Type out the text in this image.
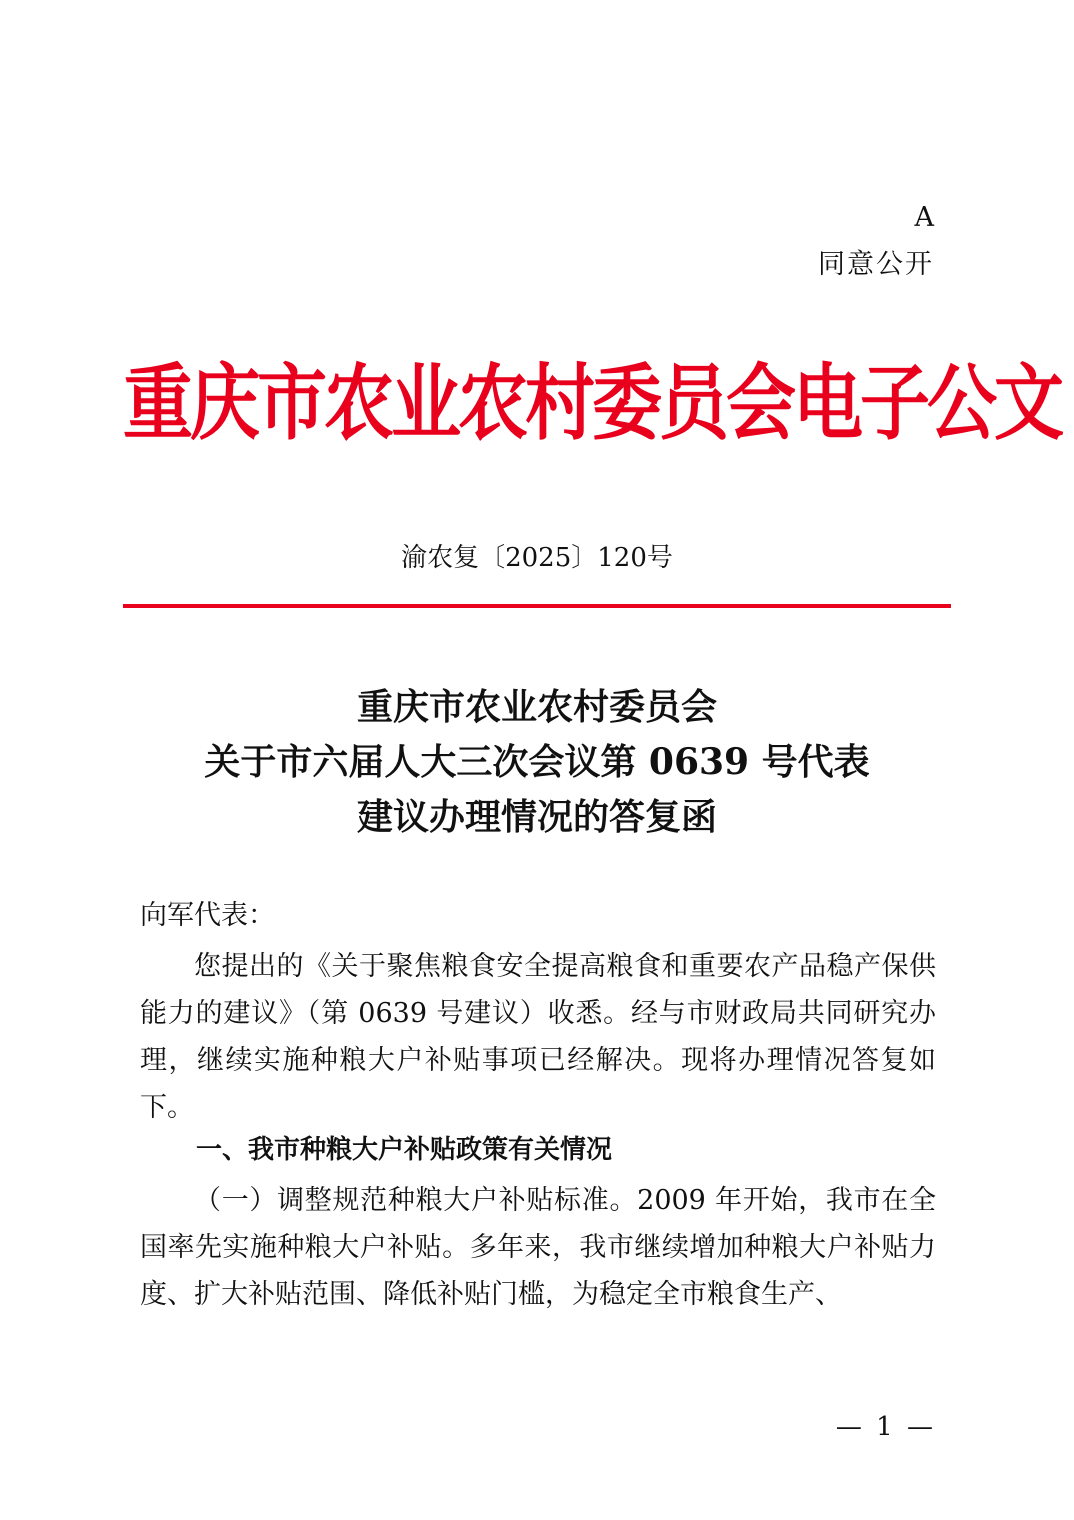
A
同意公开
重庆市农业农村委员会电子公文
渝农复〔2025〕120号
重庆市农业农村委员会
关于市六届人大三次会议第 0639 号代表
建议办理情况的答复函
向军代表：
您提出的《关于聚焦粮食安全提高粮食和重要农产品稳产保供能力的建议》（第 0639 号建议）收悉。经与市财政局共同研究办理，继续实施种粮大户补贴事项已经解决。现将办理情况答复如下。
一、我市种粮大户补贴政策有关情况
（一）调整规范种粮大户补贴标准。2009 年开始，我市在全国率先实施种粮大户补贴。多年来，我市继续增加种粮大户补贴力度、扩大补贴范围、降低补贴门槛，为稳定全市粮食生产、
— 1 —
